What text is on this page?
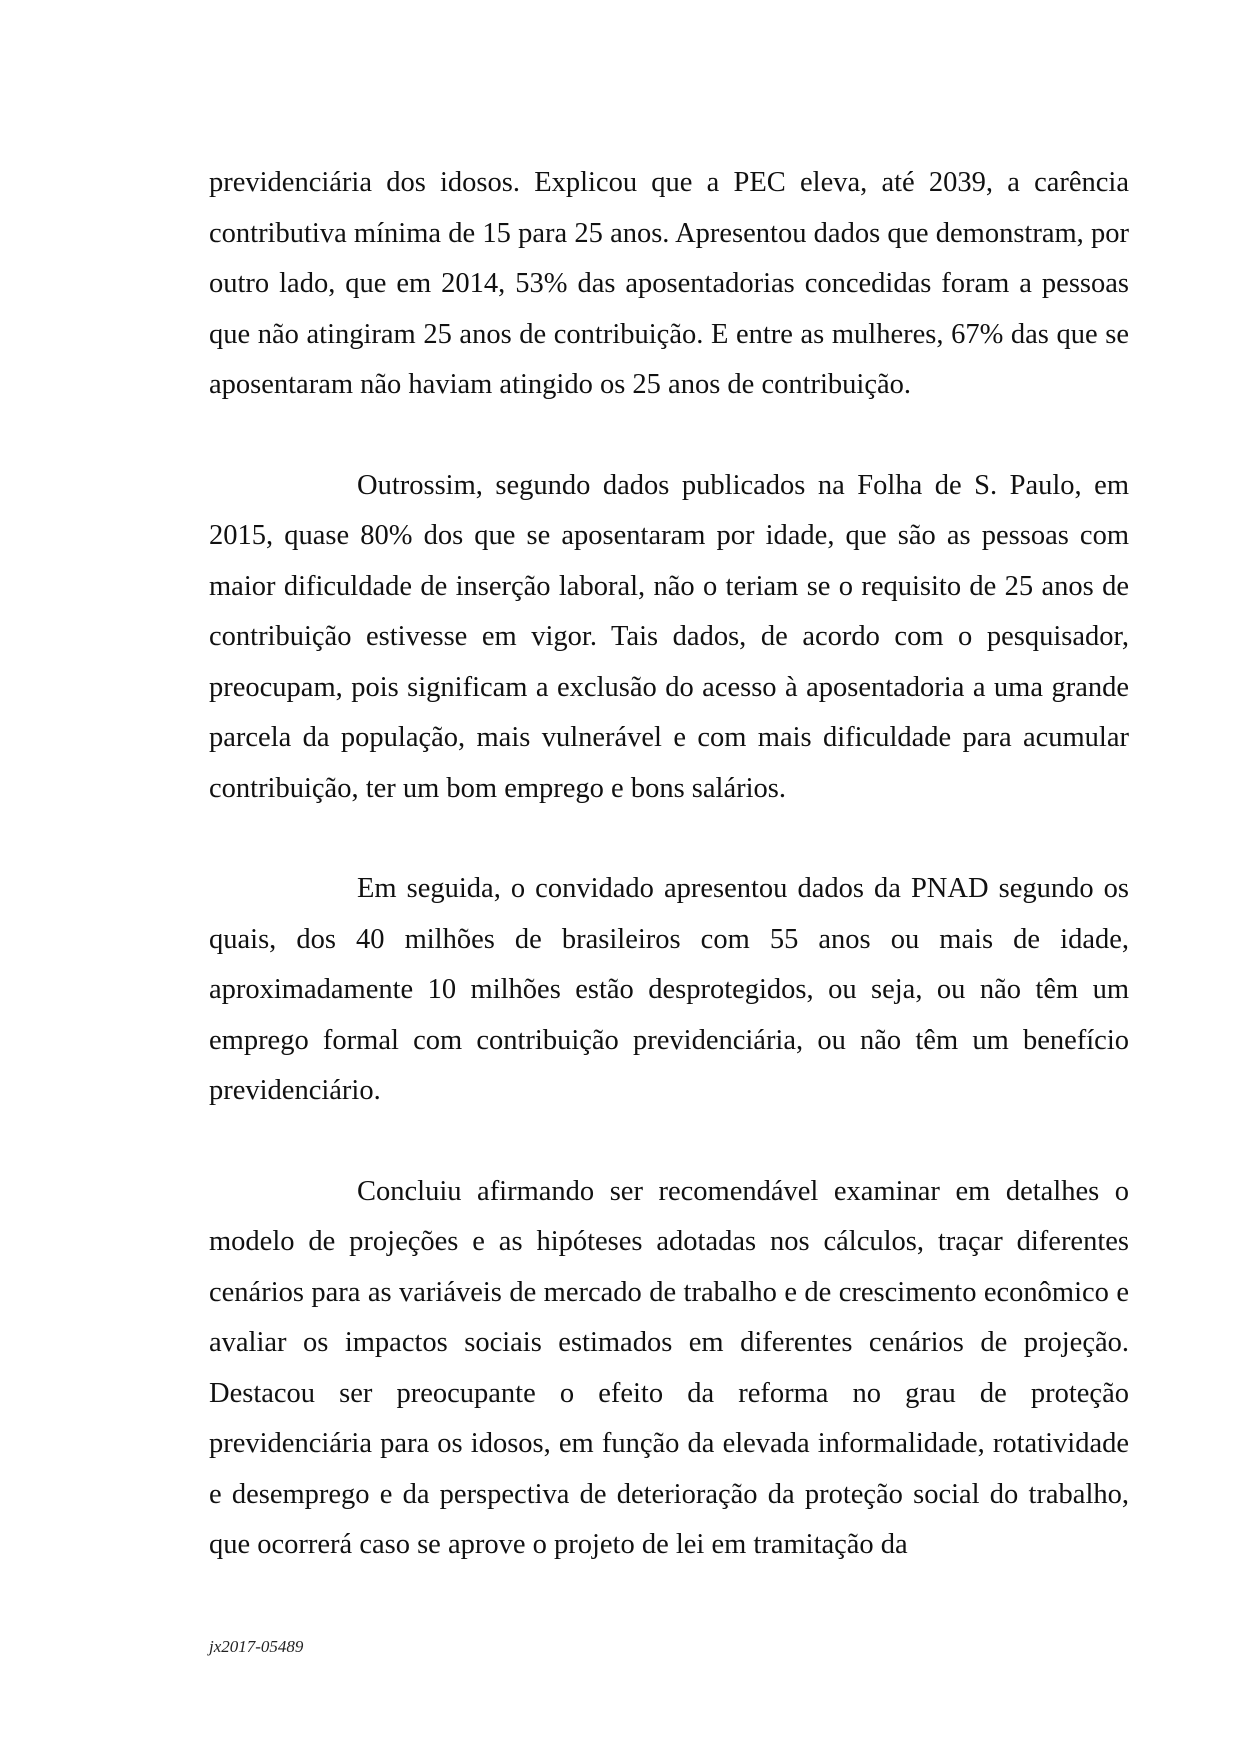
previdenciária dos idosos. Explicou que a PEC eleva, até 2039, a carência contributiva mínima de 15 para 25 anos. Apresentou dados que demonstram, por outro lado, que em 2014, 53% das aposentadorias concedidas foram a pessoas que não atingiram 25 anos de contribuição. E entre as mulheres, 67% das que se aposentaram não haviam atingido os 25 anos de contribuição.

Outrossim, segundo dados publicados na Folha de S. Paulo, em 2015, quase 80% dos que se aposentaram por idade, que são as pessoas com maior dificuldade de inserção laboral, não o teriam se o requisito de 25 anos de contribuição estivesse em vigor. Tais dados, de acordo com o pesquisador, preocupam, pois significam a exclusão do acesso à aposentadoria a uma grande parcela da população, mais vulnerável e com mais dificuldade para acumular contribuição, ter um bom emprego e bons salários.

Em seguida, o convidado apresentou dados da PNAD segundo os quais, dos 40 milhões de brasileiros com 55 anos ou mais de idade, aproximadamente 10 milhões estão desprotegidos, ou seja, ou não têm um emprego formal com contribuição previdenciária, ou não têm um benefício previdenciário.

Concluiu afirmando ser recomendável examinar em detalhes o modelo de projeções e as hipóteses adotadas nos cálculos, traçar diferentes cenários para as variáveis de mercado de trabalho e de crescimento econômico e avaliar os impactos sociais estimados em diferentes cenários de projeção. Destacou ser preocupante o efeito da reforma no grau de proteção previdenciária para os idosos, em função da elevada informalidade, rotatividade e desemprego e da perspectiva de deterioração da proteção social do trabalho, que ocorrerá caso se aprove o projeto de lei em tramitação da

jx2017-05489
